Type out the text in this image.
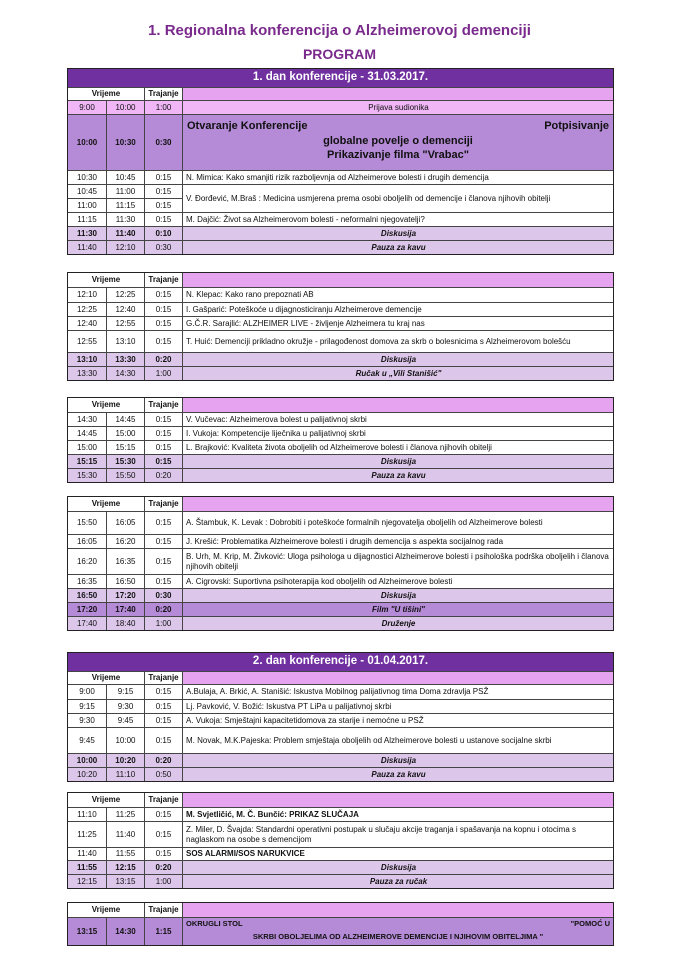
1. Regionalna konferencija o Alzheimerovoj demenciji
PROGRAM
1. dan konferencije - 31.03.2017.
Vrijeme	Trajanje
9:00	10:00	1:00	Prijava sudionika
10:00	10:30	0:30
Otvaranje Konferencije	Potpisivanje
globalne povelje o demenciji
Prikazivanje filma "Vrabac"
10:30	10:45	0:15	N. Mimica: Kako smanjiti rizik razboljevnja od Alzheimerove bolesti i drugih demencija
10:45	11:00	0:15
11:00	11:15	0:15
V. Đorđević, M.Braš : Medicina usmjerena prema osobi oboljelih od demencije i članova njihovih obitelji
11:15	11:30	0:15	M. Dajčić: Život sa Alzheimerovom bolesti - neformalni njegovatelji?
11:30	11:40	0:10	Diskusija
11:40	12:10	0:30	Pauza za kavu
Vrijeme	Trajanje
12:10	12:25	0:15	N. Klepac: Kako rano prepoznati AB
12:25	12:40	0:15	I. Gašparić: Poteškoće u dijagnosticiranju Alzheimerove demencije
12:40	12:55	0:15	G.Č.R. Sarajlić: ALZHEIMER LIVE - življenje Alzheimera tu kraj nas
12:55	13:10	0:15	T. Huić: Demenciji prikladno okružje - prilagođenost domova za skrb o bolesnicima s Alzheimerovom bolešću
13:10	13:30	0:20	Diskusija
13:30	14:30	1:00	Ručak u „Vili Stanišić"
Vrijeme	Trajanje
14:30	14:45	0:15	V. Vučevac: Alzheimerova bolest u palijativnoj skrbi
14:45	15:00	0:15	I. Vukoja: Kompetencije liječnika u palijativnoj skrbi
15:00	15:15	0:15	L. Brajković: Kvaliteta života oboljelih od Alzheimerove bolesti i članova njihovih obitelji
15:15	15:30	0:15	Diskusija
15:30	15:50	0:20	Pauza za kavu
Vrijeme	Trajanje
15:50	16:05	0:15	A. Štambuk, K. Levak : Dobrobiti i poteškoće formalnih njegovatelja oboljelih od Alzheimerove bolesti
16:05	16:20	0:15	J. Krešić: Problematika Alzheimerove bolesti i drugih demencija s aspekta socijalnog rada
16:20	16:35	0:15
B. Urh, M. Krip, M. Živković: Uloga psihologa u dijagnostici Alzheimerove bolesti i psihološka podrška oboljelih i članova njihovih obitelji
16:35	16:50	0:15	A. Cigrovski: Suportivna psihoterapija kod oboljelih od Alzheimerove bolesti
16:50	17:20	0:30	Diskusija
17:20	17:40	0:20	Film "U tišini"
17:40	18:40	1:00	Druženje
2. dan konferencije - 01.04.2017.
Vrijeme	Trajanje
9:00	9:15	0:15	A.Bulaja, A. Brkić, A. Stanišić: Iskustva Mobilnog palijativnog tima Doma zdravlja PSŽ
9:15	9:30	0:15	Lj. Pavković, V. Božić: Iskustva PT LiPa u palijativnoj skrbi
9:30	9:45	0:15	A. Vukoja: Smještajni kapacitetidomova za starije i nemoćne u PSŽ
9:45	10:00	0:15	M. Novak, M.K.Pajeska: Problem smještaja oboljelih od Alzheimerove bolesti u ustanove socijalne skrbi
10:00	10:20	0:20	Diskusija
10:20	11:10	0:50	Pauza za kavu
Vrijeme	Trajanje
11:10	11:25	0:15	M. Svjetličić, M. Č. Bunčić: PRIKAZ SLUČAJA
11:25	11:40	0:15
Z. Miler, D. Švajda: Standardni operativni postupak u slučaju akcije traganja i spašavanja na kopnu i otocima s naglaskom na osobe s demencijom
11:40	11:55	0:15	SOS ALARMI/SOS NARUKVICE
11:55	12:15	0:20	Diskusija
12:15	13:15	1:00	Pauza za ručak
Vrijeme	Trajanje
13:15	14:30	1:15
OKRUGLI STOL	"POMOĆ U
SKRBI OBOLJELIMA OD ALZHEIMEROVE DEMENCIJE I NJIHOVIM OBITELJIMA "
